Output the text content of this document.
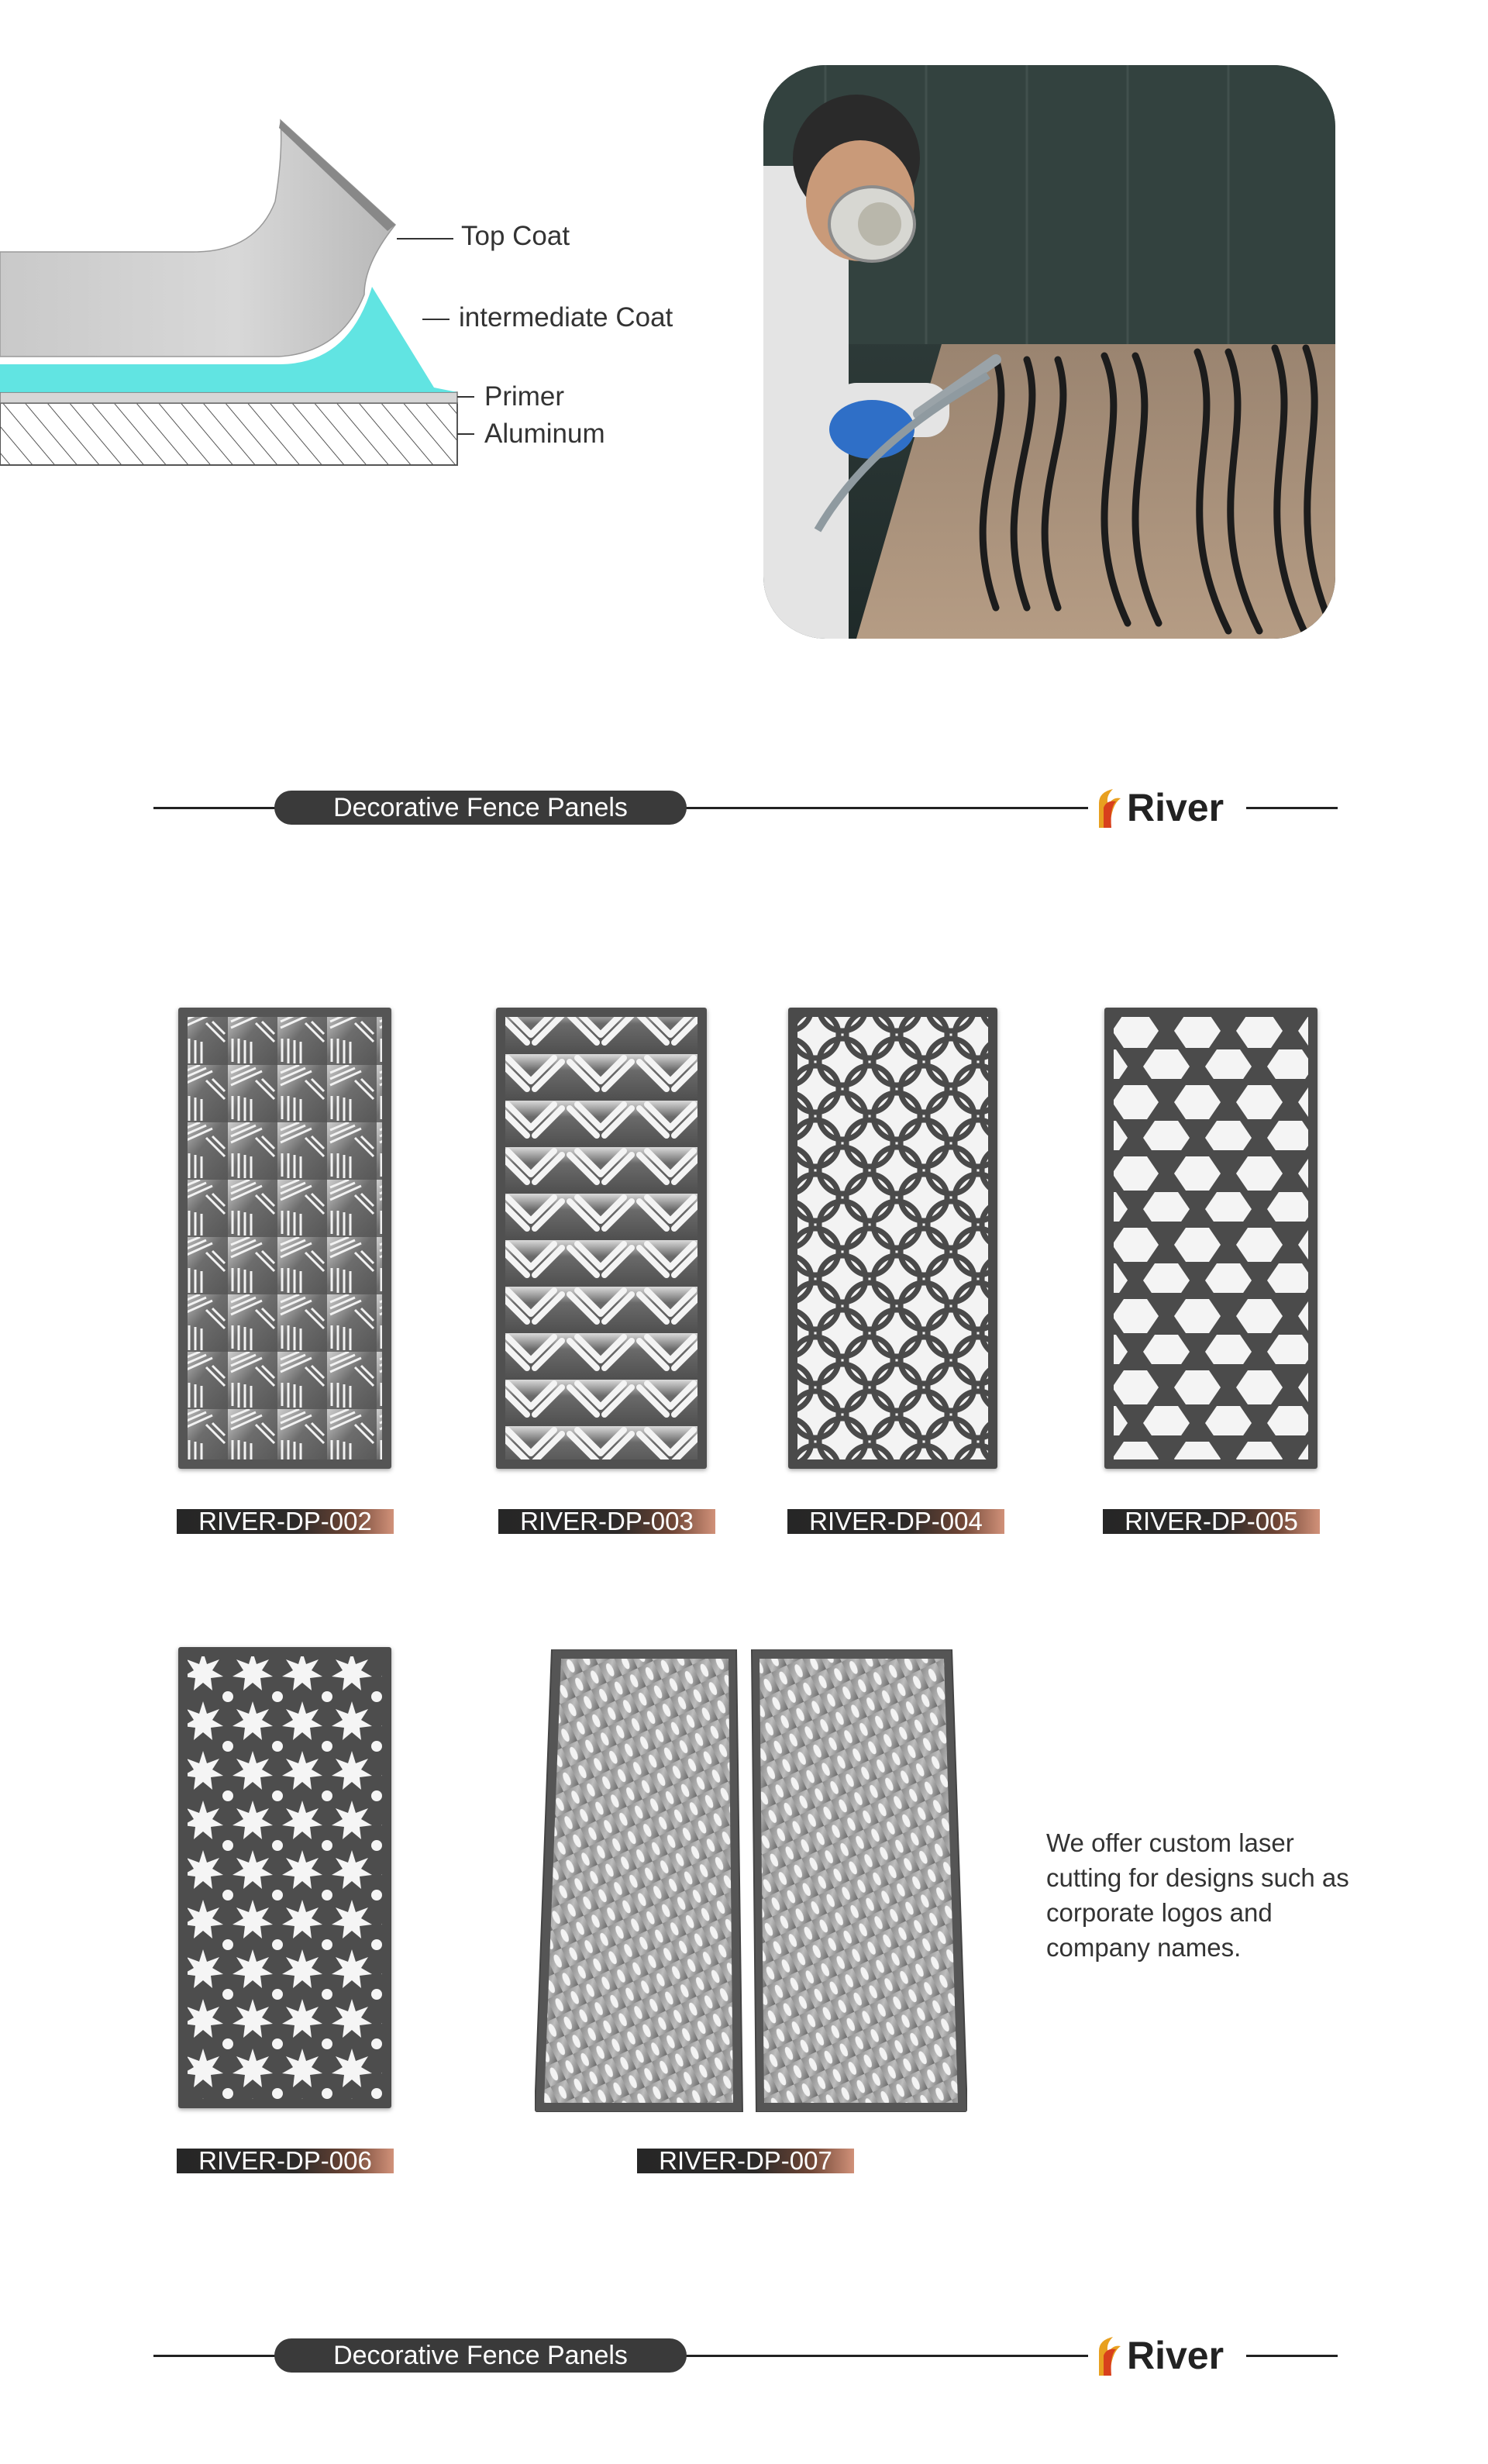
Top Coat
intermediate Coat
Primer
Aluminum
Decorative Fence Panels	River
RIVER-DP-002	RIVER-DP-003	RIVER-DP-004	RIVER-DP-005
RIVER-DP-006	RIVER-DP-007
We offer custom laser cutting for designs such as corporate logos and company names.
Decorative Fence Panels	River
